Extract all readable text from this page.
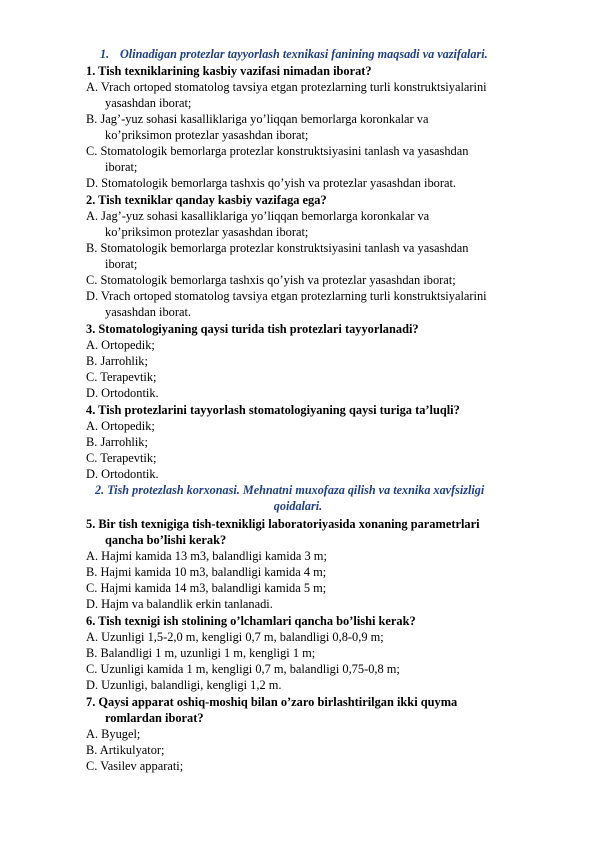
1. Olinadigan protezlar tayyorlash texnikasi fanining maqsadi va vazifalari.
1. Tish texniklarining kasbiy vazifasi nimadan iborat?
A. Vrach ortoped stomatolog tavsiya etgan protezlarning turli konstruktsiyalarini
yasashdan iborat;
B. Jag’-yuz sohasi kasalliklariga yo’liqqan bemorlarga koronkalar va
ko’priksimon protezlar yasashdan iborat;
C. Stomatologik bemorlarga protezlar konstruktsiyasini tanlash va yasashdan
iborat;
D. Stomatologik bemorlarga tashxis qo’yish va protezlar yasashdan iborat.
2. Tish texniklar qanday kasbiy vazifaga ega?
A. Jag’-yuz sohasi kasalliklariga yo’liqqan bemorlarga koronkalar va
ko’priksimon protezlar yasashdan iborat;
B. Stomatologik bemorlarga protezlar konstruktsiyasini tanlash va yasashdan
iborat;
C. Stomatologik bemorlarga tashxis qo’yish va protezlar yasashdan iborat;
D. Vrach ortoped stomatolog tavsiya etgan protezlarning turli konstruktsiyalarini
yasashdan iborat.
3. Stomatologiyaning qaysi turida tish protezlari tayyorlanadi?
A. Ortopedik;
B. Jarrohlik;
C. Terapevtik;
D. Ortodontik.
4. Tish protezlarini tayyorlash stomatologiyaning qaysi turiga ta’luqli?
A. Ortopedik;
B. Jarrohlik;
C. Terapevtik;
D. Ortodontik.
2. Tish protezlash korxonasi. Mehnatni muxofaza qilish va texnika xavfsizligi
qoidalari.
5. Bir tish texnigiga tish-texnikligi laboratoriyasida xonaning parametrlari
qancha bo’lishi kerak?
A. Hajmi kamida 13 m3, balandligi kamida 3 m;
B. Hajmi kamida 10 m3, balandligi kamida 4 m;
C. Hajmi kamida 14 m3, balandligi kamida 5 m;
D. Hajm va balandlik erkin tanlanadi.
6. Tish texnigi ish stolining o’lchamlari qancha bo’lishi kerak?
A. Uzunligi 1,5-2,0 m, kengligi 0,7 m, balandligi 0,8-0,9 m;
B. Balandligi 1 m, uzunligi 1 m, kengligi 1 m;
C. Uzunligi kamida 1 m, kengligi 0,7 m, balandligi 0,75-0,8 m;
D. Uzunligi, balandligi, kengligi 1,2 m.
7. Qaysi apparat oshiq-moshiq bilan o’zaro birlashtirilgan ikki quyma
romlardan iborat?
A. Byugel;
B. Artikulyator;
C. Vasilev apparati;
